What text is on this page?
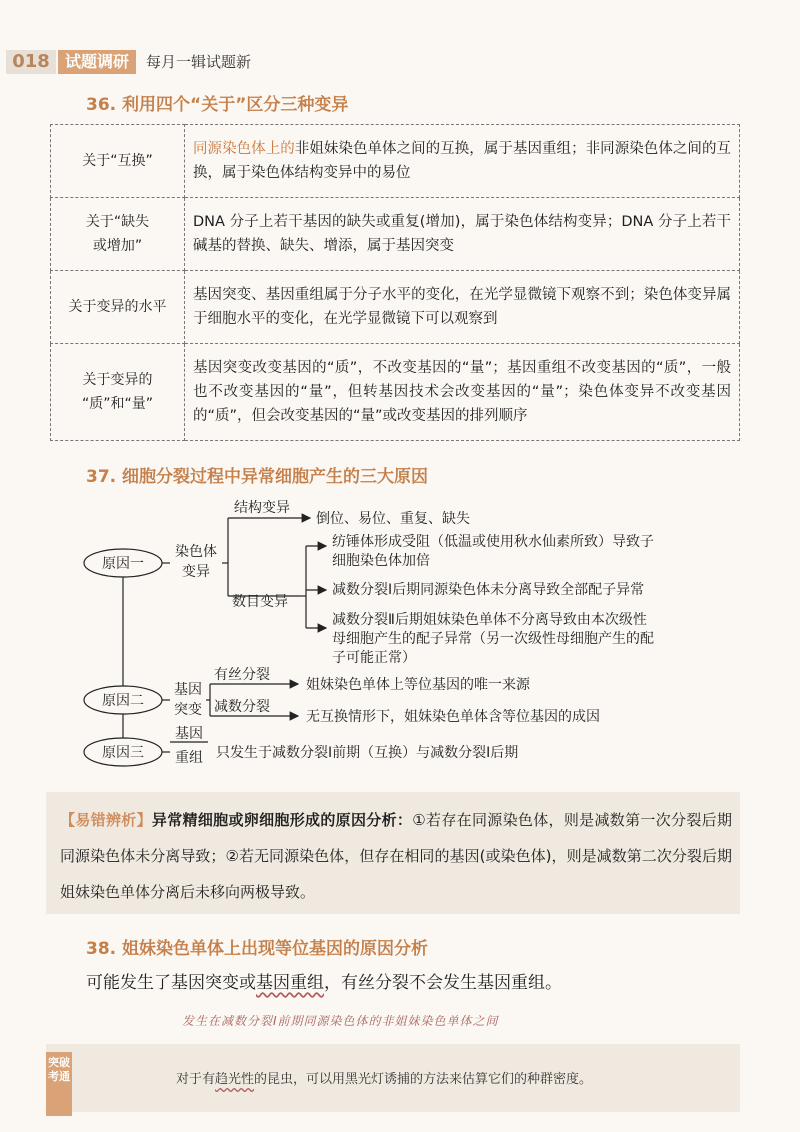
018 试题调研	每月一辑试题新
36. 利用四个“关于”区分三种变异
关于“互换”	同源染色体上的非姐妹染色单体之间的互换，属于基因重组；非同源染色体之间的互换，属于染色体结构变异中的易位

关于“缺失
或增加”	DNA 分子上若干基因的缺失或重复(增加)，属于染色体结构变异；DNA 分子上若干碱基的替换、缺失、增添，属于基因突变

关于变异的水平	基因突变、基因重组属于分子水平的变化，在光学显微镜下观察不到；染色体变异属于细胞水平的变化，在光学显微镜下可以观察到

关于变异的
“质”和“量”	基因突变改变基因的“质”，不改变基因的“量”；基因重组不改变基因的“质”，一般也不改变基因的“量”，但转基因技术会改变基因的“量”；染色体变异不改变基因的“质”，但会改变基因的“量”或改变基因的排列顺序
37. 细胞分裂过程中异常细胞产生的三大原因
原因一
原因二
原因三
染色体
变异
结构变异
倒位、易位、重复、缺失
数目变异
纺锤体形成受阻（低温或使用秋水仙素所致）导致子
细胞染色体加倍
减数分裂Ⅰ后期同源染色体未分离导致全部配子异常
减数分裂Ⅱ后期姐妹染色单体不分离导致由本次级性
母细胞产生的配子异常（另一次级性母细胞产生的配
子可能正常）
基因
突变
有丝分裂
减数分裂
姐妹染色单体上等位基因的唯一来源
无互换情形下，姐妹染色单体含等位基因的成因
基因
重组 只发生于减数分裂Ⅰ前期（互换）与减数分裂Ⅰ后期
【易错辨析】异常精细胞或卵细胞形成的原因分析：①若存在同源染色体，则是减数第一次分裂后期同源染色体未分离导致；②若无同源染色体，但存在相同的基因(或染色体)，则是减数第二次分裂后期姐妹染色单体分离后未移向两极导致。
38. 姐妹染色单体上出现等位基因的原因分析
可能发生了基因突变或基因重组，有丝分裂不会发生基因重组。
发生在减数分裂Ⅰ前期同源染色体的非姐妹染色单体之间
突破考通	对于有趋光性的昆虫，可以用黑光灯诱捕的方法来估算它们的种群密度。
